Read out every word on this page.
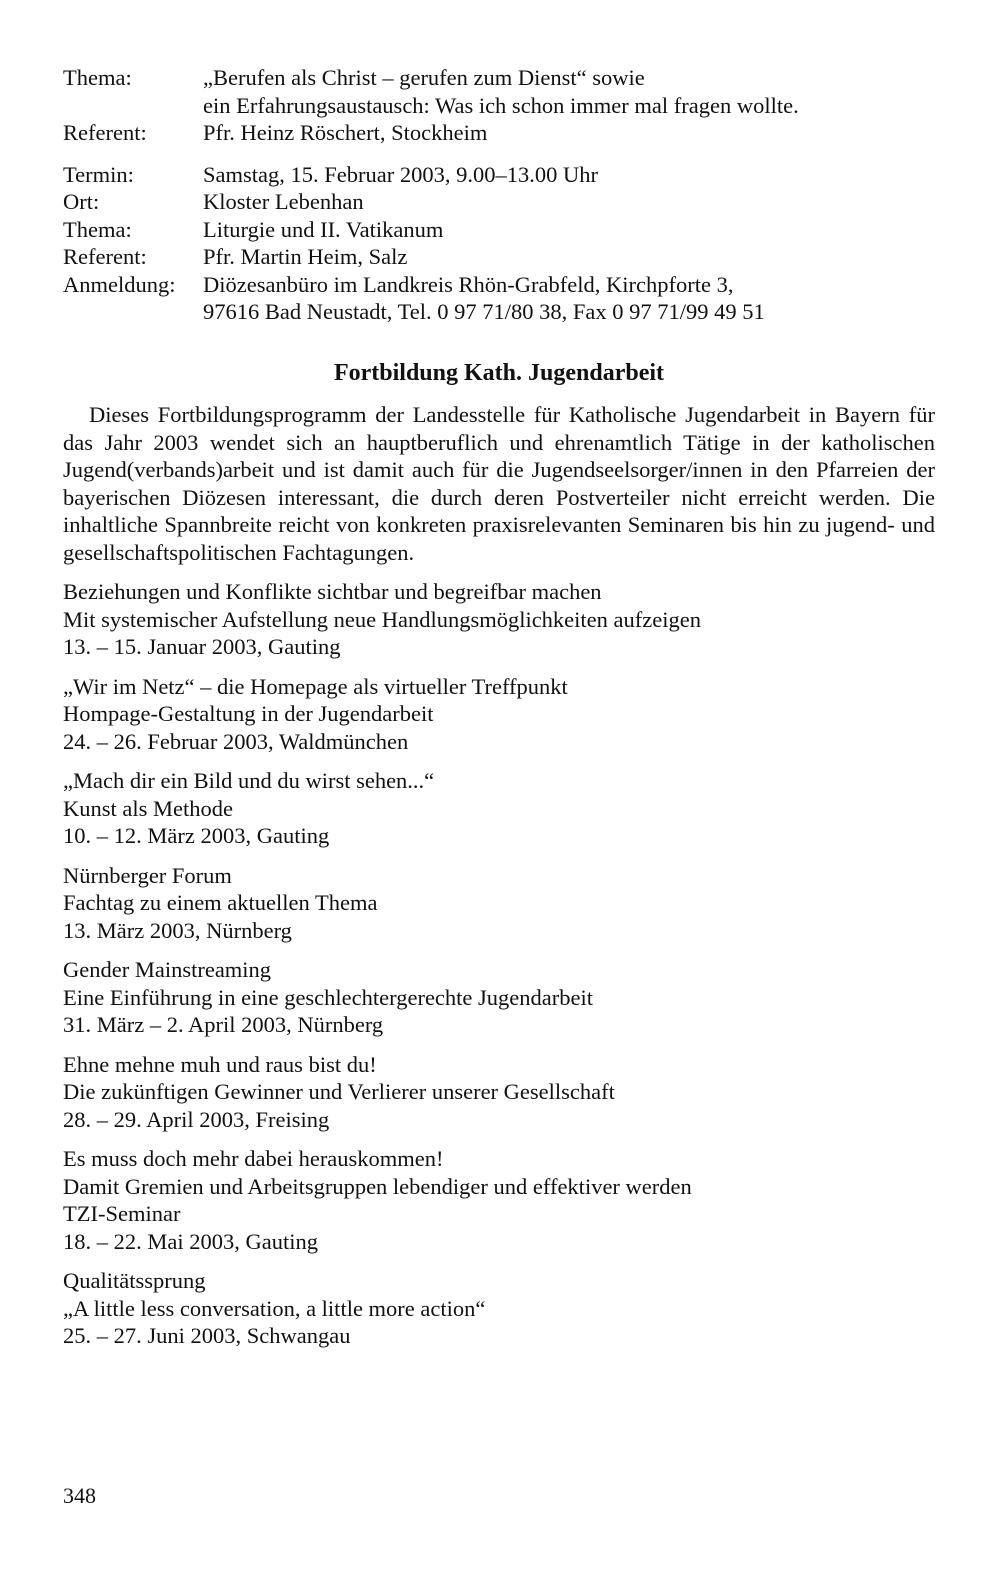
Thema:	„Berufen als Christ – gerufen zum Dienst“ sowie
ein Erfahrungsaustausch: Was ich schon immer mal fragen wollte.
Referent:	Pfr. Heinz Röschert, Stockheim
Termin:	Samstag, 15. Februar 2003, 9.00–13.00 Uhr
Ort:	Kloster Lebenhan
Thema:	Liturgie und II. Vatikanum
Referent:	Pfr. Martin Heim, Salz
Anmeldung:	Diözesanbüro im Landkreis Rhön-Grabfeld, Kirchpforte 3,
97616 Bad Neustadt, Tel. 0 97 71/80 38, Fax 0 97 71/99 49 51
Fortbildung Kath. Jugendarbeit

Dieses Fortbildungsprogramm der Landesstelle für Katholische Jugendarbeit in Bayern für das Jahr 2003 wendet sich an hauptberuflich und ehrenamtlich Tätige in der katholischen Jugend(verbands)arbeit und ist damit auch für die Jugendseelsorger/innen in den Pfarreien der bayerischen Diözesen interessant, die durch deren Postverteiler nicht erreicht werden. Die inhaltliche Spannbreite reicht von konkreten praxisrelevanten Seminaren bis hin zu jugend- und gesellschaftspolitischen Fachtagungen.

Beziehungen und Konflikte sichtbar und begreifbar machen
Mit systemischer Aufstellung neue Handlungsmöglichkeiten aufzeigen
13. – 15. Januar 2003, Gauting
„Wir im Netz“ – die Homepage als virtueller Treffpunkt
Hompage-Gestaltung in der Jugendarbeit
24. – 26. Februar 2003, Waldmünchen
„Mach dir ein Bild und du wirst sehen...“
Kunst als Methode
10. – 12. März 2003, Gauting
Nürnberger Forum
Fachtag zu einem aktuellen Thema
13. März 2003, Nürnberg
Gender Mainstreaming
Eine Einführung in eine geschlechtergerechte Jugendarbeit
31. März – 2. April 2003, Nürnberg
Ehne mehne muh und raus bist du!
Die zukünftigen Gewinner und Verlierer unserer Gesellschaft
28. – 29. April 2003, Freising
Es muss doch mehr dabei herauskommen!
Damit Gremien und Arbeitsgruppen lebendiger und effektiver werden
TZI-Seminar
18. – 22. Mai 2003, Gauting
Qualitätssprung
„A little less conversation, a little more action“
25. – 27. Juni 2003, Schwangau
348
